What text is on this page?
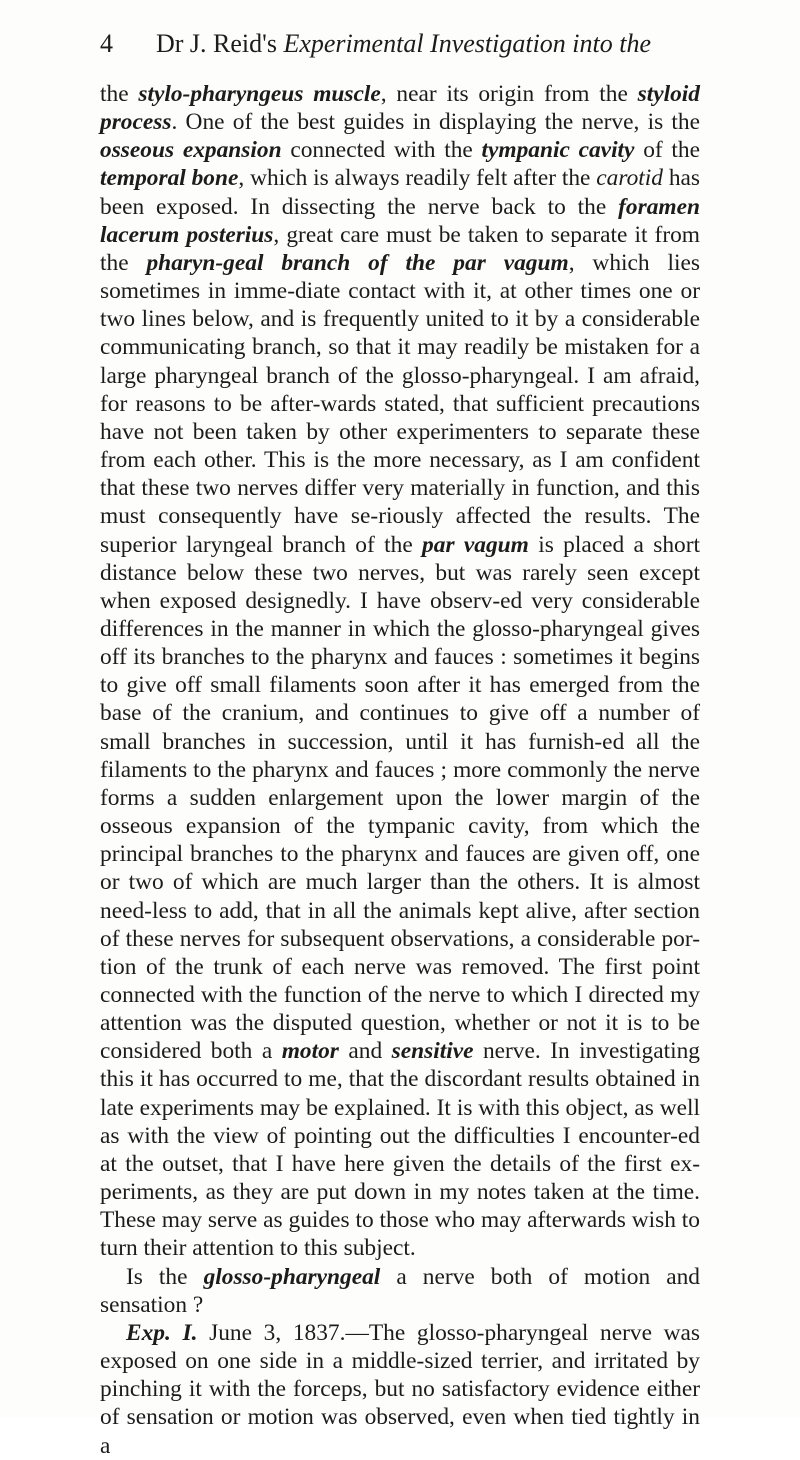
4 Dr J. Reid's Experimental Investigation into the

the stylo-pharyngeus muscle, near its origin from the styloid process. One of the best guides in displaying the nerve, is the osseous expansion connected with the tympanic cavity of the temporal bone, which is always readily felt after the carotid has been exposed. In dissecting the nerve back to the foramen lacerum posterius, great care must be taken to separate it from the pharyn-geal branch of the par vagum, which lies sometimes in imme-diate contact with it, at other times one or two lines below, and is frequently united to it by a considerable communicating branch, so that it may readily be mistaken for a large pharyngeal branch of the glosso-pharyngeal. I am afraid, for reasons to be after-wards stated, that sufficient precautions have not been taken by other experimenters to separate these from each other. This is the more necessary, as I am confident that these two nerves differ very materially in function, and this must consequently have se-riously affected the results. The superior laryngeal branch of the par vagum is placed a short distance below these two nerves, but was rarely seen except when exposed designedly. I have observ-ed very considerable differences in the manner in which the glosso-pharyngeal gives off its branches to the pharynx and fauces : sometimes it begins to give off small filaments soon after it has emerged from the base of the cranium, and continues to give off a number of small branches in succession, until it has furnish-ed all the filaments to the pharynx and fauces ; more commonly the nerve forms a sudden enlargement upon the lower margin of the osseous expansion of the tympanic cavity, from which the principal branches to the pharynx and fauces are given off, one or two of which are much larger than the others. It is almost need-less to add, that in all the animals kept alive, after section of these nerves for subsequent observations, a considerable por-tion of the trunk of each nerve was removed. The first point connected with the function of the nerve to which I directed my attention was the disputed question, whether or not it is to be considered both a motor and sensitive nerve. In investigating this it has occurred to me, that the discordant results obtained in late experiments may be explained. It is with this object, as well as with the view of pointing out the difficulties I encounter-ed at the outset, that I have here given the details of the first ex-periments, as they are put down in my notes taken at the time. These may serve as guides to those who may afterwards wish to turn their attention to this subject.

Is the glosso-pharyngeal a nerve both of motion and sensation ?

Exp. I. June 3, 1837.—The glosso-pharyngeal nerve was exposed on one side in a middle-sized terrier, and irritated by pinching it with the forceps, but no satisfactory evidence either of sensation or motion was observed, even when tied tightly in a
